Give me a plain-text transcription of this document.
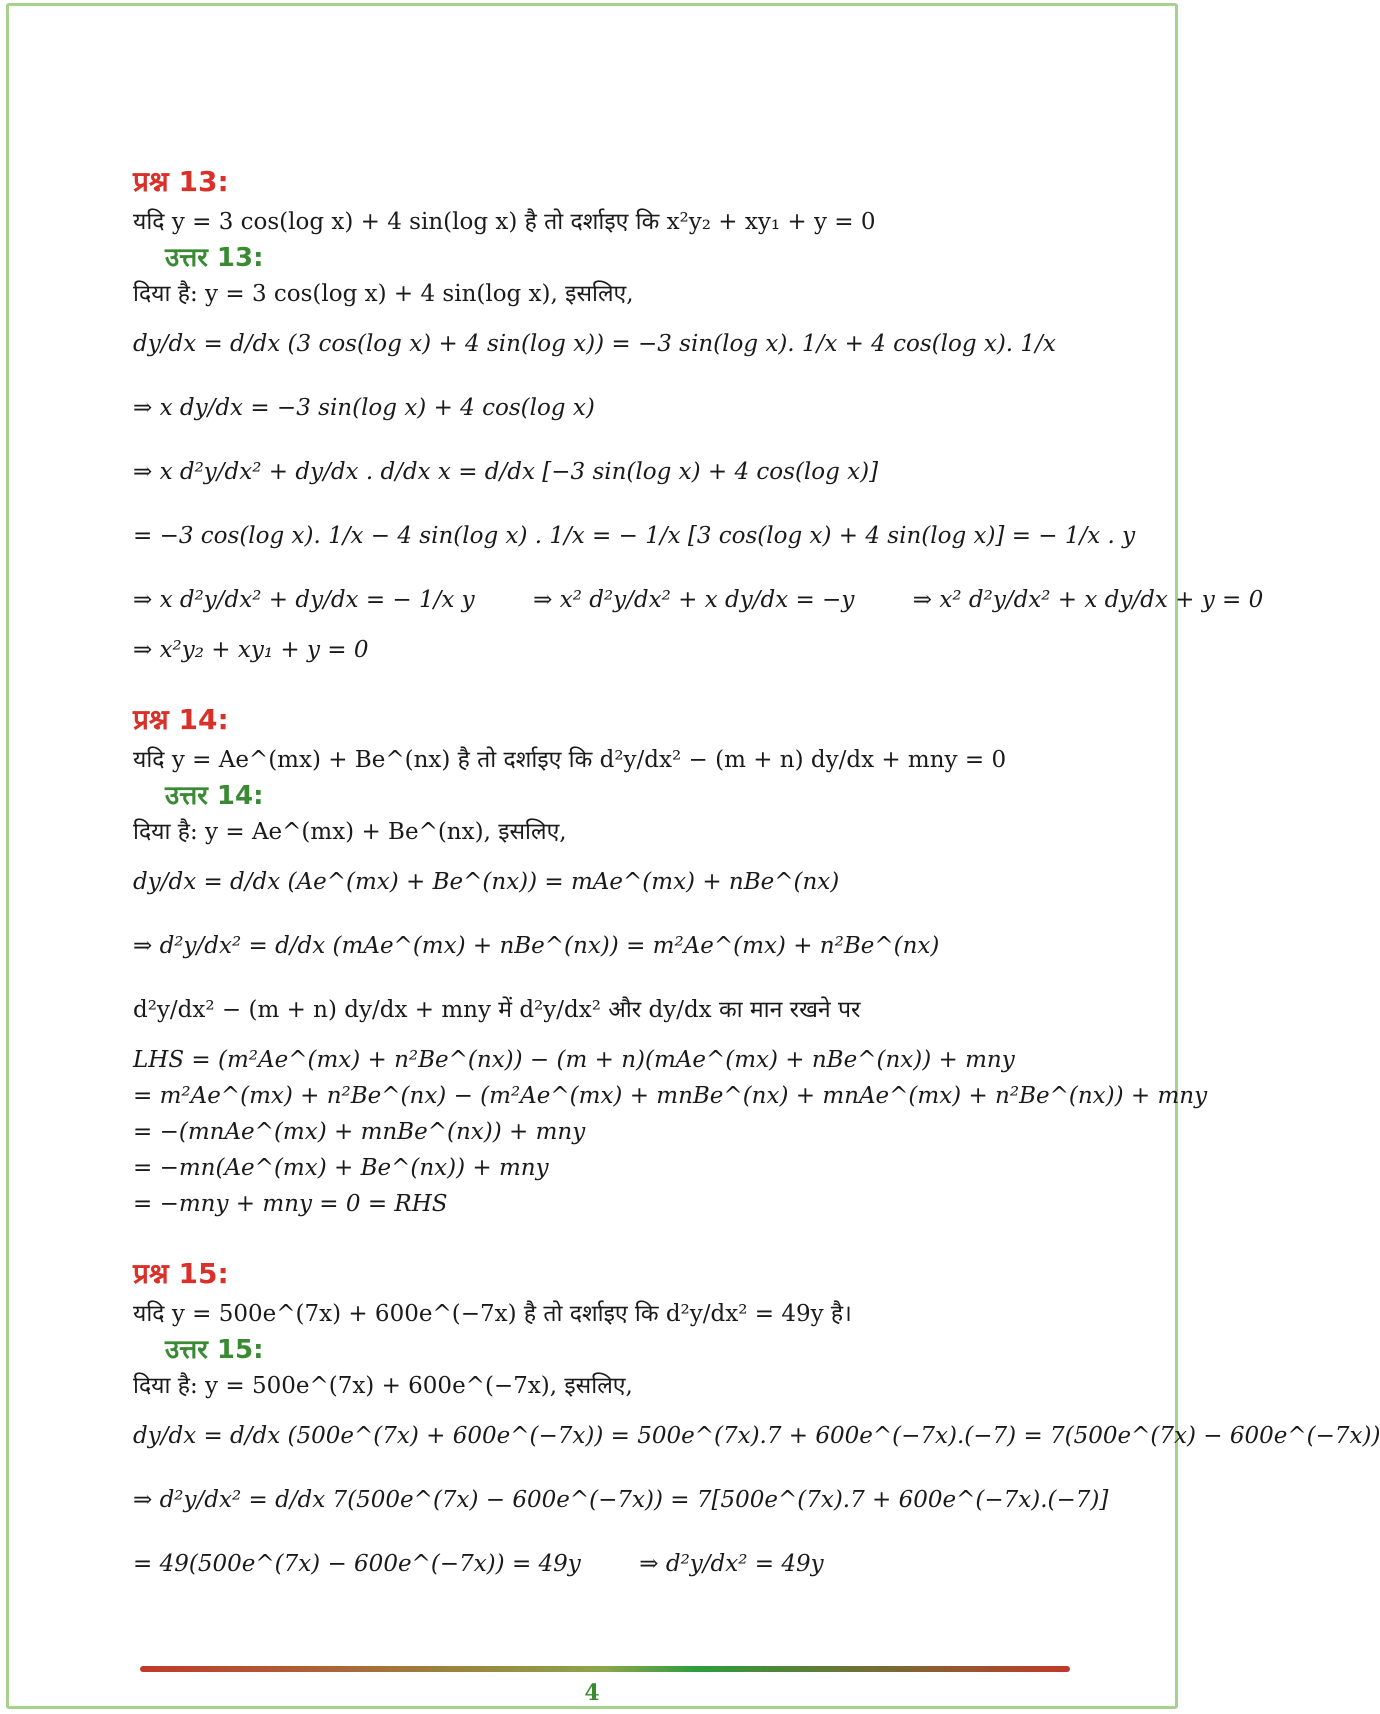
प्रश्न 13:
यदि y = 3 cos(log x) + 4 sin(log x) है तो दर्शाइए कि x²y₂ + xy₁ + y = 0
उत्तर 13:
दिया है: y = 3 cos(log x) + 4 sin(log x), इसलिए,
dy/dx = d/dx (3 cos(log x) + 4 sin(log x)) = −3 sin(log x). 1/x + 4 cos(log x). 1/x
⇒ x dy/dx = −3 sin(log x) + 4 cos(log x)
⇒ x d²y/dx² + dy/dx . d/dx x = d/dx [−3 sin(log x) + 4 cos(log x)]
= −3 cos(log x). 1/x − 4 sin(log x) . 1/x = − 1/x [3 cos(log x) + 4 sin(log x)] = − 1/x . y
⇒ x d²y/dx² + dy/dx = − 1/x y        ⇒ x² d²y/dx² + x dy/dx = −y        ⇒ x² d²y/dx² + x dy/dx + y = 0
⇒ x²y₂ + xy₁ + y = 0
प्रश्न 14:
यदि y = Ae^(mx) + Be^(nx) है तो दर्शाइए कि d²y/dx² − (m + n) dy/dx + mny = 0
उत्तर 14:
दिया है: y = Ae^(mx) + Be^(nx), इसलिए,
dy/dx = d/dx (Ae^(mx) + Be^(nx)) = mAe^(mx) + nBe^(nx)
⇒ d²y/dx² = d/dx (mAe^(mx) + nBe^(nx)) = m²Ae^(mx) + n²Be^(nx)
d²y/dx² − (m + n) dy/dx + mny में d²y/dx² और dy/dx का मान रखने पर
LHS = (m²Ae^(mx) + n²Be^(nx)) − (m + n)(mAe^(mx) + nBe^(nx)) + mny
= m²Ae^(mx) + n²Be^(nx) − (m²Ae^(mx) + mnBe^(nx) + mnAe^(mx) + n²Be^(nx)) + mny
= −(mnAe^(mx) + mnBe^(nx)) + mny
= −mn(Ae^(mx) + Be^(nx)) + mny
= −mny + mny = 0 = RHS
प्रश्न 15:
यदि y = 500e^(7x) + 600e^(−7x) है तो दर्शाइए कि d²y/dx² = 49y है।
उत्तर 15:
दिया है: y = 500e^(7x) + 600e^(−7x), इसलिए,
dy/dx = d/dx (500e^(7x) + 600e^(−7x)) = 500e^(7x).7 + 600e^(−7x).(−7) = 7(500e^(7x) − 600e^(−7x))
⇒ d²y/dx² = d/dx 7(500e^(7x) − 600e^(−7x)) = 7[500e^(7x).7 + 600e^(−7x).(−7)]
= 49(500e^(7x) − 600e^(−7x)) = 49y        ⇒ d²y/dx² = 49y
4
